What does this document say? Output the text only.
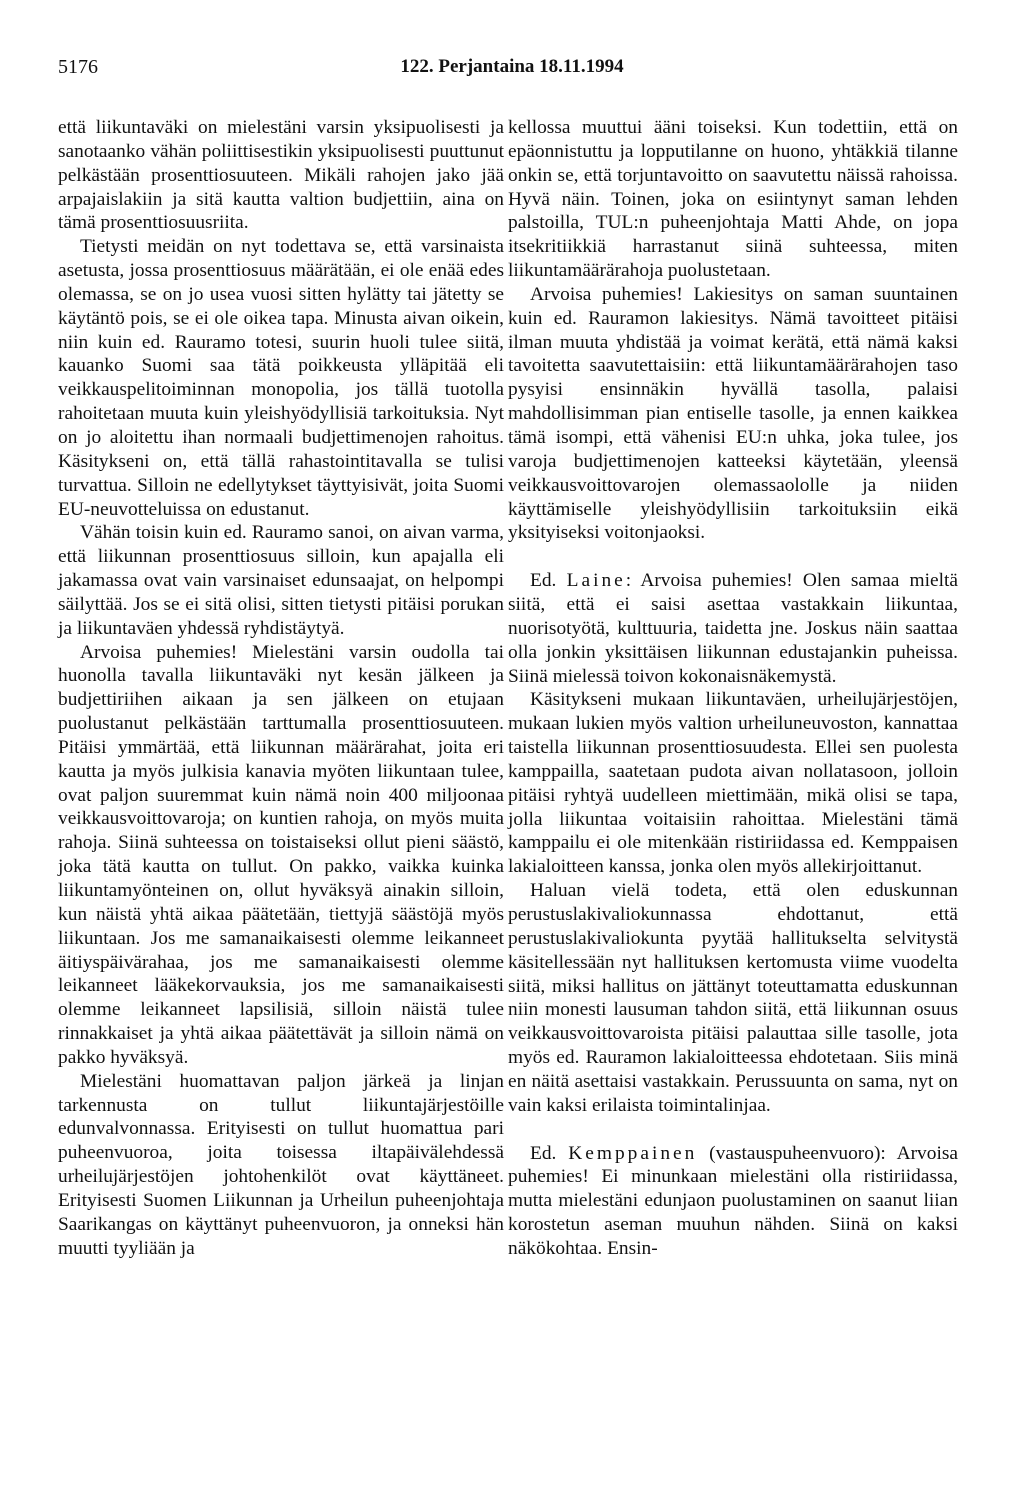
5176	122. Perjantaina 18.11.1994

että liikuntaväki on mielestäni varsin yksipuolisesti ja sanotaanko vähän poliittisestikin yksipuolisesti puuttunut pelkästään prosenttiosuuteen. Mikäli rahojen jako jää arpajaislakiin ja sitä kautta valtion budjettiin, aina on tämä prosenttiosuusriita.

Tietysti meidän on nyt todettava se, että varsinaista asetusta, jossa prosenttiosuus määrätään, ei ole enää edes olemassa, se on jo usea vuosi sitten hylätty tai jätetty se käytäntö pois, se ei ole oikea tapa. Minusta aivan oikein, niin kuin ed. Rauramo totesi, suurin huoli tulee siitä, kauanko Suomi saa tätä poikkeusta ylläpitää eli veikkauspelitoiminnan monopolia, jos tällä tuotolla rahoitetaan muuta kuin yleishyödyllisiä tarkoituksia. Nyt on jo aloitettu ihan normaali budjettimenojen rahoitus. Käsitykseni on, että tällä rahastointitavalla se tulisi turvattua. Silloin ne edellytykset täyttyisivät, joita Suomi EU-neuvotteluissa on edustanut.

Vähän toisin kuin ed. Rauramo sanoi, on aivan varma, että liikunnan prosenttiosuus silloin, kun apajalla eli jakamassa ovat vain varsinaiset edunsaajat, on helpompi säilyttää. Jos se ei sitä olisi, sitten tietysti pitäisi porukan ja liikuntaväen yhdessä ryhdistäytyä.

Arvoisa puhemies! Mielestäni varsin oudolla tai huonolla tavalla liikuntaväki nyt kesän jälkeen ja budjettiriihen aikaan ja sen jälkeen on etujaan puolustanut pelkästään tarttumalla prosenttiosuuteen. Pitäisi ymmärtää, että liikunnan määrärahat, joita eri kautta ja myös julkisia kanavia myöten liikuntaan tulee, ovat paljon suuremmat kuin nämä noin 400 miljoonaa veikkausvoittovaroja; on kuntien rahoja, on myös muita rahoja. Siinä suhteessa on toistaiseksi ollut pieni säästö, joka tätä kautta on tullut. On pakko, vaikka kuinka liikuntamyönteinen on, ollut hyväksyä ainakin silloin, kun näistä yhtä aikaa päätetään, tiettyjä säästöjä myös liikuntaan. Jos me samanaikaisesti olemme leikanneet äitiyspäivärahaa, jos me samanaikaisesti olemme leikanneet lääkekorvauksia, jos me samanaikaisesti olemme leikanneet lapsilisiä, silloin näistä tulee rinnakkaiset ja yhtä aikaa päätettävät ja silloin nämä on pakko hyväksyä.

Mielestäni huomattavan paljon järkeä ja linjan tarkennusta on tullut liikuntajärjestöille edunvalvonnassa. Erityisesti on tullut huomattua pari puheenvuoroa, joita toisessa iltapäivälehdessä urheilujärjestöjen johtohenkilöt ovat käyttäneet. Erityisesti Suomen Liikunnan ja Urheilun puheenjohtaja Saarikangas on käyttänyt puheenvuoron, ja onneksi hän muutti tyyliään ja

kellossa muuttui ääni toiseksi. Kun todettiin, että on epäonnistuttu ja lopputilanne on huono, yhtäkkiä tilanne onkin se, että torjuntavoitto on saavutettu näissä rahoissa. Hyvä näin. Toinen, joka on esiintynyt saman lehden palstoilla, TUL:n puheenjohtaja Matti Ahde, on jopa itsekritiikkiä harrastanut siinä suhteessa, miten liikuntamäärärahoja puolustetaan.

Arvoisa puhemies! Lakiesitys on saman suuntainen kuin ed. Rauramon lakiesitys. Nämä tavoitteet pitäisi ilman muuta yhdistää ja voimat kerätä, että nämä kaksi tavoitetta saavutettaisiin: että liikuntamäärärahojen taso pysyisi ensinnäkin hyvällä tasolla, palaisi mahdollisimman pian entiselle tasolle, ja ennen kaikkea tämä isompi, että vähenisi EU:n uhka, joka tulee, jos varoja budjettimenojen katteeksi käytetään, yleensä veikkausvoittovarojen olemassaololle ja niiden käyttämiselle yleishyödyllisiin tarkoituksiin eikä yksityiseksi voitonjaoksi.

Ed. Laine: Arvoisa puhemies! Olen samaa mieltä siitä, että ei saisi asettaa vastakkain liikuntaa, nuorisotyötä, kulttuuria, taidetta jne. Joskus näin saattaa olla jonkin yksittäisen liikunnan edustajankin puheissa. Siinä mielessä toivon kokonaisnäkemystä.

Käsitykseni mukaan liikuntaväen, urheilujärjestöjen, mukaan lukien myös valtion urheiluneuvoston, kannattaa taistella liikunnan prosenttiosuudesta. Ellei sen puolesta kamppailla, saatetaan pudota aivan nollatasoon, jolloin pitäisi ryhtyä uudelleen miettimään, mikä olisi se tapa, jolla liikuntaa voitaisiin rahoittaa. Mielestäni tämä kamppailu ei ole mitenkään ristiriidassa ed. Kemppaisen lakialoitteen kanssa, jonka olen myös allekirjoittanut.

Haluan vielä todeta, että olen eduskunnan perustuslakivaliokunnassa ehdottanut, että perustuslakivaliokunta pyytää hallitukselta selvitystä käsitellessään nyt hallituksen kertomusta viime vuodelta siitä, miksi hallitus on jättänyt toteuttamatta eduskunnan niin monesti lausuman tahdon siitä, että liikunnan osuus veikkausvoittovaroista pitäisi palauttaa sille tasolle, jota myös ed. Rauramon lakialoitteessa ehdotetaan. Siis minä en näitä asettaisi vastakkain. Perussuunta on sama, nyt on vain kaksi erilaista toimintalinjaa.

Ed. Kemppainen (vastauspuheenvuoro): Arvoisa puhemies! Ei minunkaan mielestäni olla ristiriidassa, mutta mielestäni edunjaon puolustaminen on saanut liian korostetun aseman muuhun nähden. Siinä on kaksi näkökohtaa. Ensin-
